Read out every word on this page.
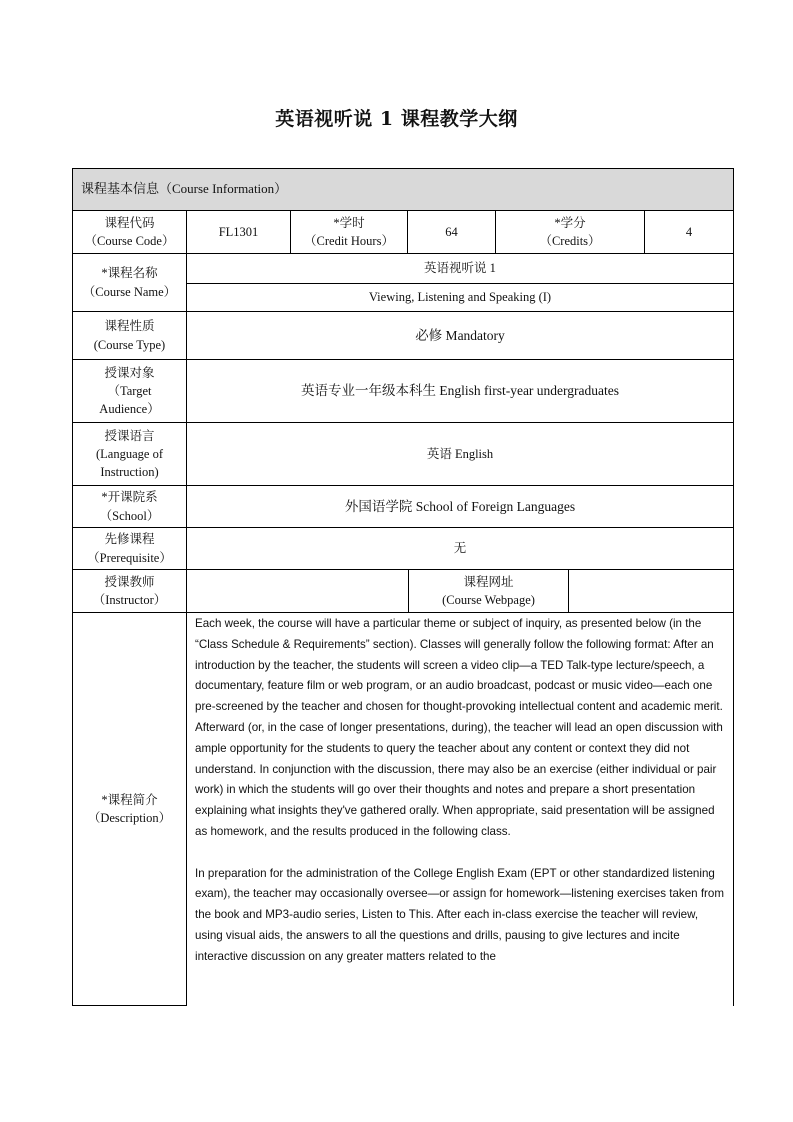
英语视听说 1 课程教学大纲
课程基本信息（Course Information）
课程代码
（Course Code）
FL1301
*学时
（Credit Hours）
64
*学分
（Credits）
4
*课程名称
（Course Name）
英语视听说 1
Viewing, Listening and Speaking (I)
课程性质
(Course Type)
必修 Mandatory
授课对象
（Target
Audience）
英语专业一年级本科生 English first-year undergraduates
授课语言
(Language of
Instruction)
英语 English
*开课院系
（School）
外国语学院 School of Foreign Languages
先修课程
（Prerequisite）
无
授课教师
（Instructor）
课程网址
(Course Webpage)
*课程简介
（Description）

Each week, the course will have a particular theme or subject of inquiry, as presented below (in the “Class Schedule & Requirements” section). Classes will generally follow the following format: After an introduction by the teacher, the students will screen a video clip—a TED Talk-type lecture/speech, a documentary, feature film or web program, or an audio broadcast, podcast or music video—each one pre-screened by the teacher and chosen for thought-provoking intellectual content and academic merit. Afterward (or, in the case of longer presentations, during), the teacher will lead an open discussion with ample opportunity for the students to query the teacher about any content or context they did not understand. In conjunction with the discussion, there may also be an exercise (either individual or pair work) in which the students will go over their thoughts and notes and prepare a short presentation explaining what insights they've gathered orally. When appropriate, said presentation will be assigned as homework, and the results produced in the following class.

In preparation for the administration of the College English Exam (EPT or other standardized listening exam), the teacher may occasionally oversee—or assign for homework—listening exercises taken from the book and MP3-audio series, Listen to This. After each in-class exercise the teacher will review, using visual aids, the answers to all the questions and drills, pausing to give lectures and incite interactive discussion on any greater matters related to the
